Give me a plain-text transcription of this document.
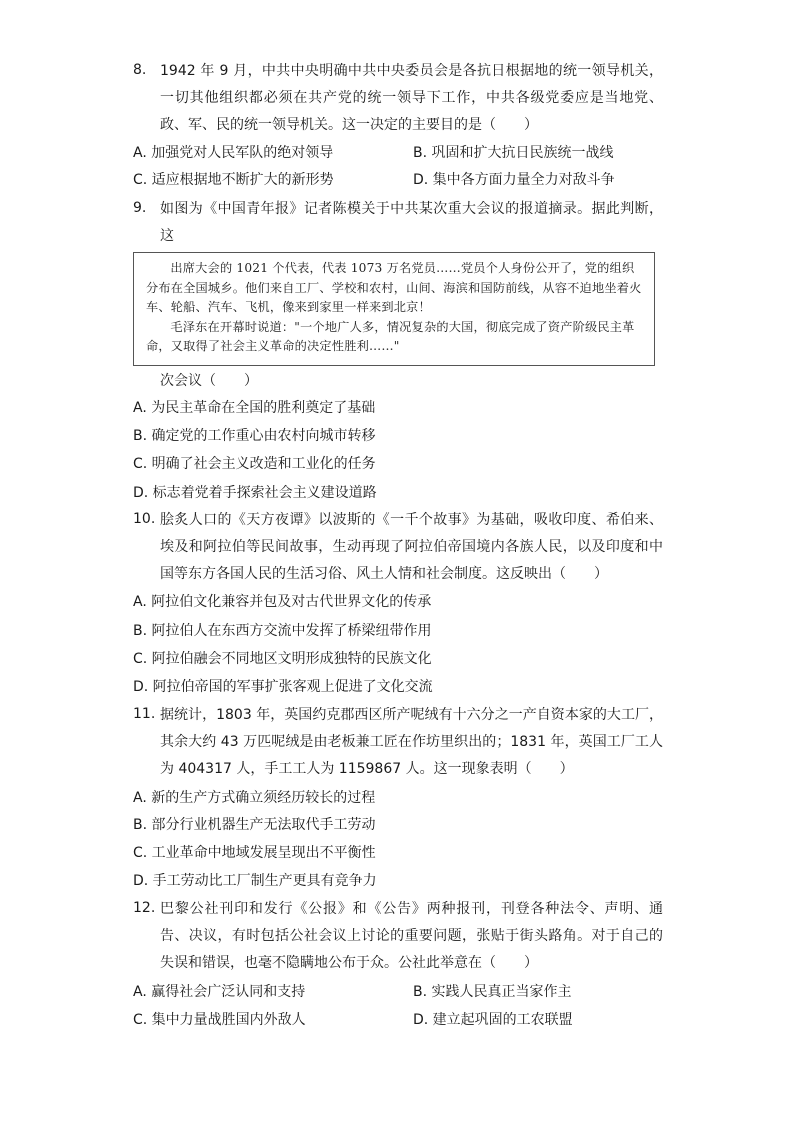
8. 1942 年 9 月，中共中央明确中共中央委员会是各抗日根据地的统一领导机关，一切其他组织都必须在共产党的统一领导下工作，中共各级党委应是当地党、政、军、民的统一领导机关。这一决定的主要目的是（　　）
A. 加强党对人民军队的绝对领导	B. 巩固和扩大抗日民族统一战线
C. 适应根据地不断扩大的新形势	D. 集中各方面力量全力对敌斗争
9. 如图为《中国青年报》记者陈模关于中共某次重大会议的报道摘录。据此判断，这

出席大会的 1021 个代表，代表 1073 万名党员……党员个人身份公开了，党的组织分布在全国城乡。他们来自工厂、学校和农村，山间、海滨和国防前线，从容不迫地坐着火车、轮船、汽车、飞机，像来到家里一样来到北京！

毛泽东在开幕时说道："一个地广人多，情况复杂的大国，彻底完成了资产阶级民主革命，又取得了社会主义革命的决定性胜利……"

次会议（　　）
A. 为民主革命在全国的胜利奠定了基础
B. 确定党的工作重心由农村向城市转移
C. 明确了社会主义改造和工业化的任务
D. 标志着党着手探索社会主义建设道路
10. 脍炙人口的《天方夜谭》以波斯的《一千个故事》为基础，吸收印度、希伯来、埃及和阿拉伯等民间故事，生动再现了阿拉伯帝国境内各族人民，以及印度和中国等东方各国人民的生活习俗、风土人情和社会制度。这反映出（　　）
A. 阿拉伯文化兼容并包及对古代世界文化的传承
B. 阿拉伯人在东西方交流中发挥了桥梁纽带作用
C. 阿拉伯融会不同地区文明形成独特的民族文化
D. 阿拉伯帝国的军事扩张客观上促进了文化交流
11. 据统计，1803 年，英国约克郡西区所产呢绒有十六分之一产自资本家的大工厂，其余大约 43 万匹呢绒是由老板兼工匠在作坊里织出的；1831 年，英国工厂工人为 404317 人，手工工人为 1159867 人。这一现象表明（　　）
A. 新的生产方式确立须经历较长的过程
B. 部分行业机器生产无法取代手工劳动
C. 工业革命中地域发展呈现出不平衡性
D. 手工劳动比工厂制生产更具有竞争力
12. 巴黎公社刊印和发行《公报》和《公告》两种报刊，刊登各种法令、声明、通告、决议，有时包括公社会议上讨论的重要问题，张贴于街头路角。对于自己的失误和错误，也毫不隐瞒地公布于众。公社此举意在（　　）
A. 赢得社会广泛认同和支持	B. 实践人民真正当家作主
C. 集中力量战胜国内外敌人	D. 建立起巩固的工农联盟
